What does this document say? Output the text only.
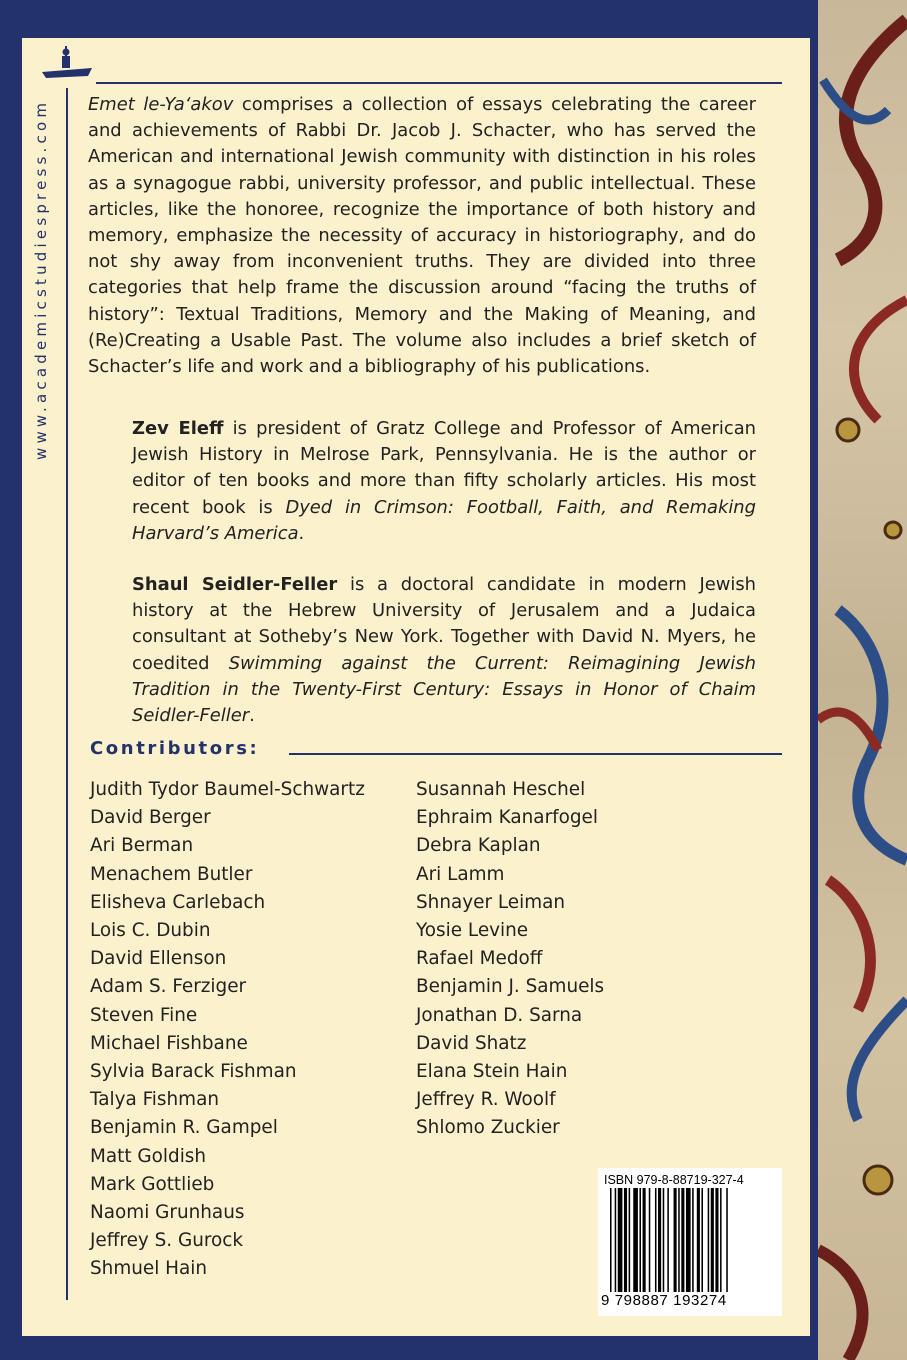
www.academicstudiespress.com Emet le-Ya‘akov comprises a collection of essays celebrating the career and achievements of Rabbi Dr. Jacob J. Schacter, who has served the American and international Jewish community with distinction in his roles as a synagogue rabbi, university professor, and public intellectual. These articles, like the honoree, recognize the importance of both history and memory, emphasize the necessity of accuracy in historiography, and do not shy away from inconvenient truths. They are divided into three categories that help frame the discussion around “facing the truths of history”: Textual Traditions, Memory and the Making of Meaning, and (Re)Creating a Usable Past. The volume also includes a brief sketch of Schacter’s life and work and a bibliography of his publications.
Zev Eleff is president of Gratz College and Professor of American Jewish History in Melrose Park, Pennsylvania. He is the author or editor of ten books and more than fifty scholarly articles. His most recent book is Dyed in Crimson: Football, Faith, and Remaking Harvard’s America.
Shaul Seidler-Feller is a doctoral candidate in modern Jewish history at the Hebrew University of Jerusalem and a Judaica consultant at Sotheby’s New York. Together with David N. Myers, he coedited Swimming against the Current: Reimagining Jewish Tradition in the Twenty-First Century: Essays in Honor of Chaim Seidler-Feller.
Contributors:
Judith Tydor Baumel-Schwartz
David Berger
Ari Berman
Menachem Butler
Elisheva Carlebach
Lois C. Dubin
David Ellenson
Adam S. Ferziger
Steven Fine
Michael Fishbane
Sylvia Barack Fishman
Talya Fishman
Benjamin R. Gampel
Matt Goldish
Mark Gottlieb
Naomi Grunhaus
Jeffrey S. Gurock
Shmuel Hain
Susannah Heschel
Ephraim Kanarfogel
Debra Kaplan
Ari Lamm
Shnayer Leiman
Yosie Levine
Rafael Medoff
Benjamin J. Samuels
Jonathan D. Sarna
David Shatz
Elana Stein Hain
Jeffrey R. Woolf
Shlomo Zuckier
ISBN 979-8-88719-327-4
9 798887 193274
